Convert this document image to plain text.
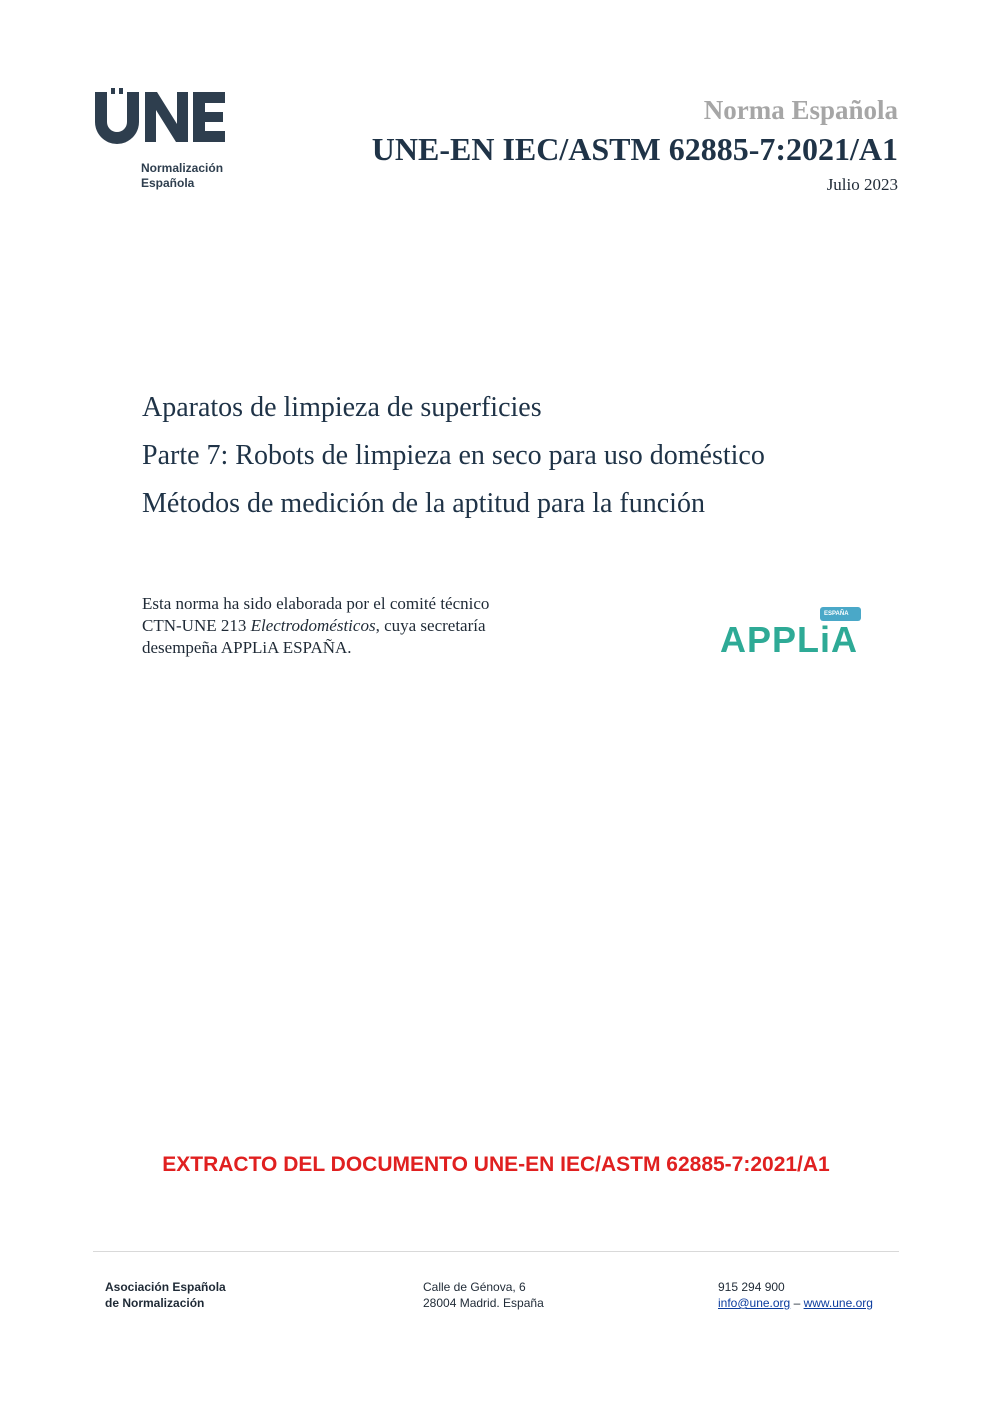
Normalización
Española
Norma Española
UNE-EN IEC/ASTM 62885-7:2021/A1
Julio 2023
Aparatos de limpieza de superficies
Parte 7: Robots de limpieza en seco para uso doméstico
Métodos de medición de la aptitud para la función
Esta norma ha sido elaborada por el comité técnico
CTN-UNE 213 Electrodomésticos, cuya secretaría
desempeña APPLiA ESPAÑA.
ESPAÑA
APPLiA
EXTRACTO DEL DOCUMENTO UNE-EN IEC/ASTM 62885-7:2021/A1
Asociación Española
de Normalización
Calle de Génova, 6
28004 Madrid. España
915 294 900
info@une.org – www.une.org
